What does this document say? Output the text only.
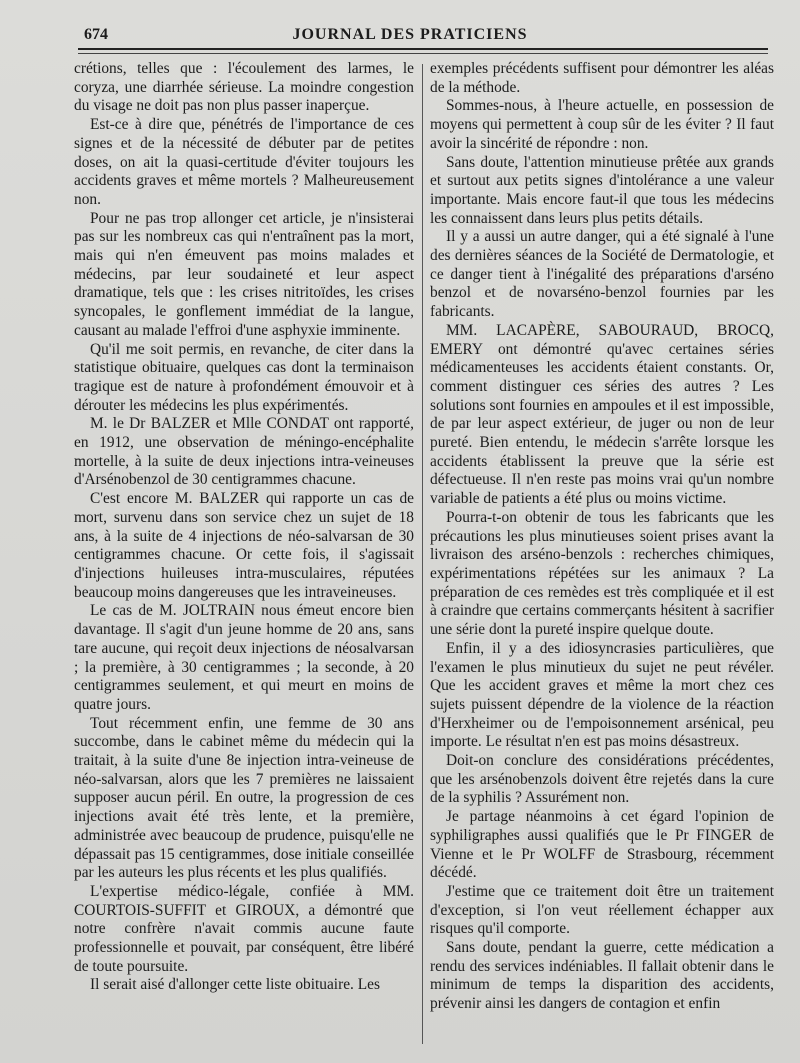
674	JOURNAL DES PRATICIENS

crétions, telles que : l'écoulement des larmes, le coryza, une diarrhée sérieuse. La moindre congestion du visage ne doit pas non plus passer inaperçue.

Est-ce à dire que, pénétrés de l'importance de ces signes et de la nécessité de débuter par de petites doses, on ait la quasi-certitude d'éviter toujours les accidents graves et même mortels ? Malheureusement non.

Pour ne pas trop allonger cet article, je n'insisterai pas sur les nombreux cas qui n'entraînent pas la mort, mais qui n'en émeuvent pas moins malades et médecins, par leur soudaineté et leur aspect dramatique, tels que : les crises nitritoïdes, les crises syncopales, le gonflement immédiat de la langue, causant au malade l'effroi d'une asphyxie imminente.

Qu'il me soit permis, en revanche, de citer dans la statistique obituaire, quelques cas dont la terminaison tragique est de nature à profondément émouvoir et à dérouter les médecins les plus expérimentés.

M. le Dr BALZER et Mlle CONDAT ont rapporté, en 1912, une observation de méningo-encéphalite mortelle, à la suite de deux injections intra-veineuses d'Arsénobenzol de 30 centigrammes chacune.

C'est encore M. BALZER qui rapporte un cas de mort, survenu dans son service chez un sujet de 18 ans, à la suite de 4 injections de néo-salvarsan de 30 centigrammes chacune. Or cette fois, il s'agissait d'injections huileuses intra-musculaires, réputées beaucoup moins dangereuses que les intraveineuses.

Le cas de M. JOLTRAIN nous émeut encore bien davantage. Il s'agit d'un jeune homme de 20 ans, sans tare aucune, qui reçoit deux injections de néosalvarsan ; la première, à 30 centigrammes ; la seconde, à 20 centigrammes seulement, et qui meurt en moins de quatre jours.

Tout récemment enfin, une femme de 30 ans succombe, dans le cabinet même du médecin qui la traitait, à la suite d'une 8e injection intra-veineuse de néo-salvarsan, alors que les 7 premières ne laissaient supposer aucun péril. En outre, la progression de ces injections avait été très lente, et la première, administrée avec beaucoup de prudence, puisqu'elle ne dépassait pas 15 centigrammes, dose initiale conseillée par les auteurs les plus récents et les plus qualifiés.

L'expertise médico-légale, confiée à MM. COURTOIS-SUFFIT et GIROUX, a démontré que notre confrère n'avait commis aucune faute professionnelle et pouvait, par conséquent, être libéré de toute poursuite.

Il serait aisé d'allonger cette liste obituaire. Les

exemples précédents suffisent pour démontrer les aléas de la méthode.

Sommes-nous, à l'heure actuelle, en possession de moyens qui permettent à coup sûr de les éviter ? Il faut avoir la sincérité de répondre : non.

Sans doute, l'attention minutieuse prêtée aux grands et surtout aux petits signes d'intolérance a une valeur importante. Mais encore faut-il que tous les médecins les connaissent dans leurs plus petits détails.

Il y a aussi un autre danger, qui a été signalé à l'une des dernières séances de la Société de Dermatologie, et ce danger tient à l'inégalité des préparations d'arséno benzol et de novarséno-benzol fournies par les fabricants.

MM. LACAPÈRE, SABOURAUD, BROCQ, EMERY ont démontré qu'avec certaines séries médicamenteuses les accidents étaient constants. Or, comment distinguer ces séries des autres ? Les solutions sont fournies en ampoules et il est impossible, de par leur aspect extérieur, de juger ou non de leur pureté. Bien entendu, le médecin s'arrête lorsque les accidents établissent la preuve que la série est défectueuse. Il n'en reste pas moins vrai qu'un nombre variable de patients a été plus ou moins victime.

Pourra-t-on obtenir de tous les fabricants que les précautions les plus minutieuses soient prises avant la livraison des arséno-benzols : recherches chimiques, expérimentations répétées sur les animaux ? La préparation de ces remèdes est très compliquée et il est à craindre que certains commerçants hésitent à sacrifier une série dont la pureté inspire quelque doute.

Enfin, il y a des idiosyncrasies particulières, que l'examen le plus minutieux du sujet ne peut révéler. Que les accident graves et même la mort chez ces sujets puissent dépendre de la violence de la réaction d'Herxheimer ou de l'empoisonnement arsénical, peu importe. Le résultat n'en est pas moins désastreux.

Doit-on conclure des considérations précédentes, que les arsénobenzols doivent être rejetés dans la cure de la syphilis ? Assurément non.

Je partage néanmoins à cet égard l'opinion de syphiligraphes aussi qualifiés que le Pr FINGER de Vienne et le Pr WOLFF de Strasbourg, récemment décédé.

J'estime que ce traitement doit être un traitement d'exception, si l'on veut réellement échapper aux risques qu'il comporte.

Sans doute, pendant la guerre, cette médication a rendu des services indéniables. Il fallait obtenir dans le minimum de temps la disparition des accidents, prévenir ainsi les dangers de contagion et enfin
